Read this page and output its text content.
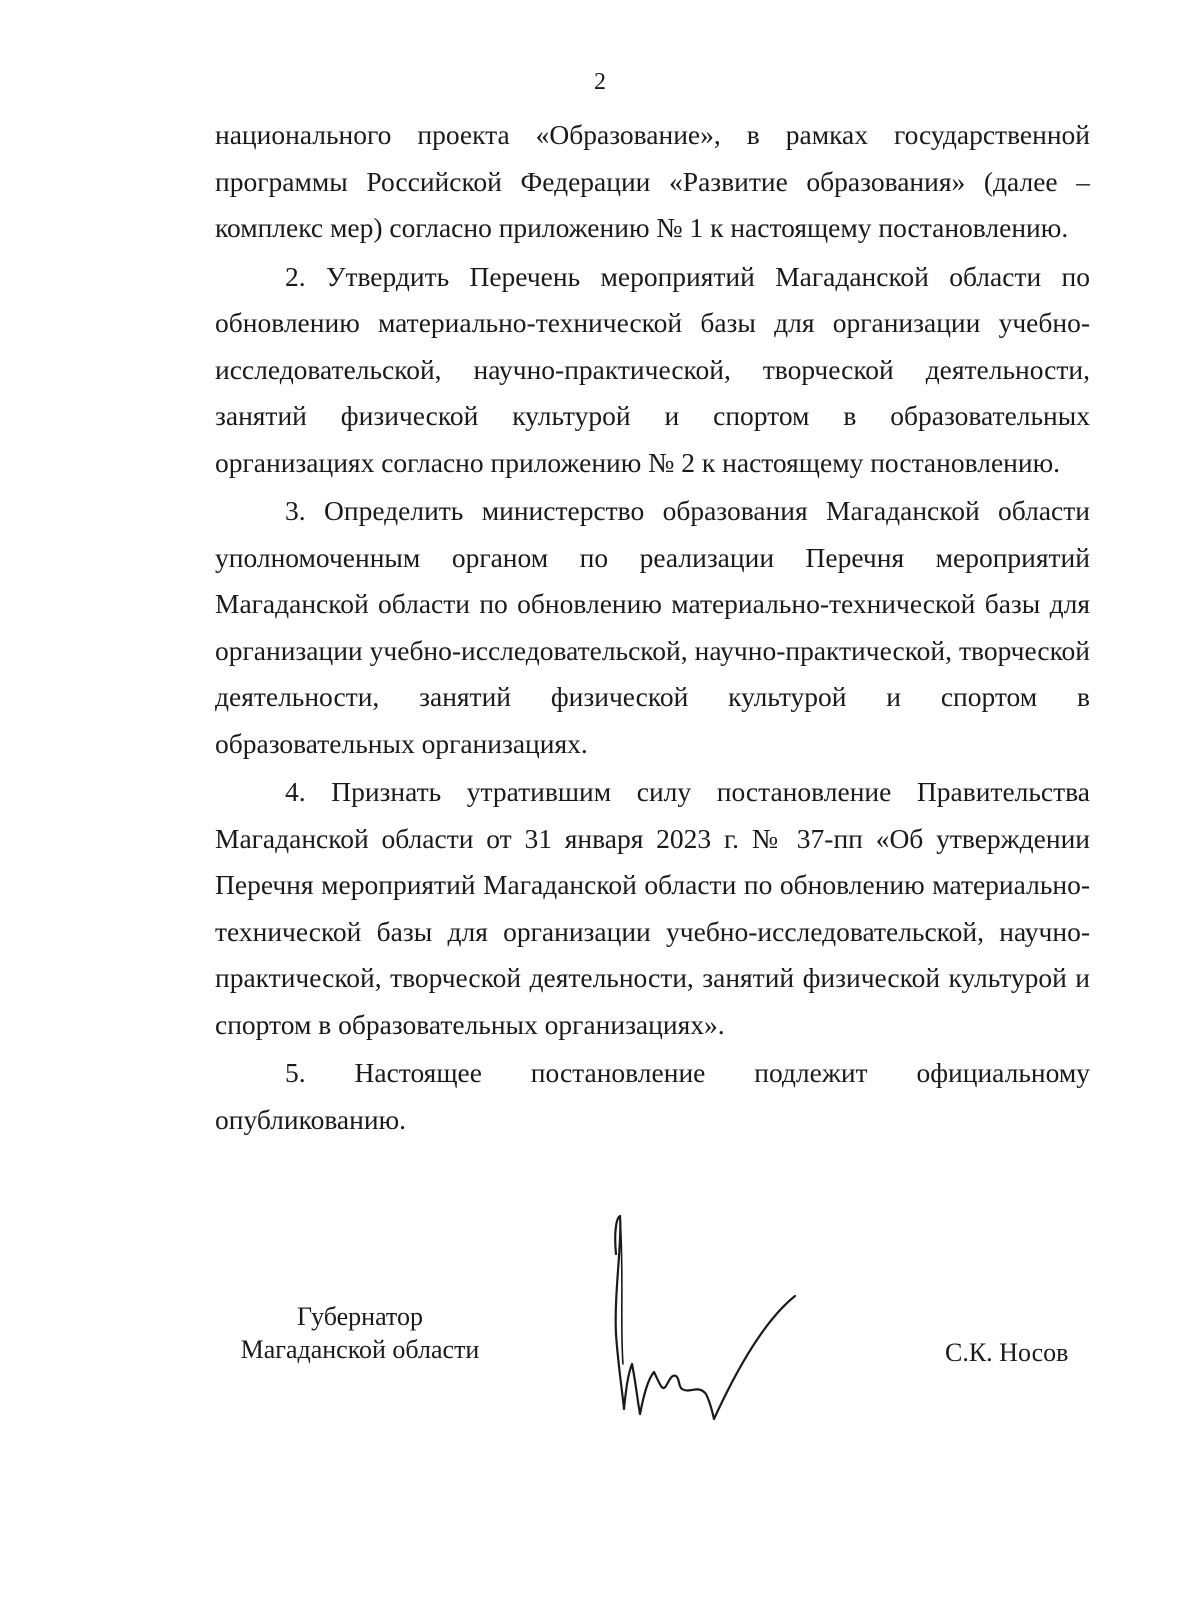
2

национального проекта «Образование», в рамках государственной программы Российской Федерации «Развитие образования» (далее – комплекс мер) согласно приложению № 1 к настоящему постановлению.

2. Утвердить Перечень мероприятий Магаданской области по обновлению материально-технической базы для организации учебно-исследовательской, научно-практической, творческой деятельности, занятий физической культурой и спортом в образовательных организациях согласно приложению № 2 к настоящему постановлению.

3. Определить министерство образования Магаданской области уполномоченным органом по реализации Перечня мероприятий Магаданской области по обновлению материально-технической базы для организации учебно-исследовательской, научно-практической, творческой деятельности, занятий физической культурой и спортом в образовательных организациях.

4. Признать утратившим силу постановление Правительства Магаданской области от 31 января 2023 г. № 37-пп «Об утверждении Перечня мероприятий Магаданской области по обновлению материально-технической базы для организации учебно-исследовательской, научно-практической, творческой деятельности, занятий физической культурой и спортом в образовательных организациях».

5. Настоящее постановление подлежит официальному опубликованию.

Губернатор
Магаданской области	С.К. Носов
